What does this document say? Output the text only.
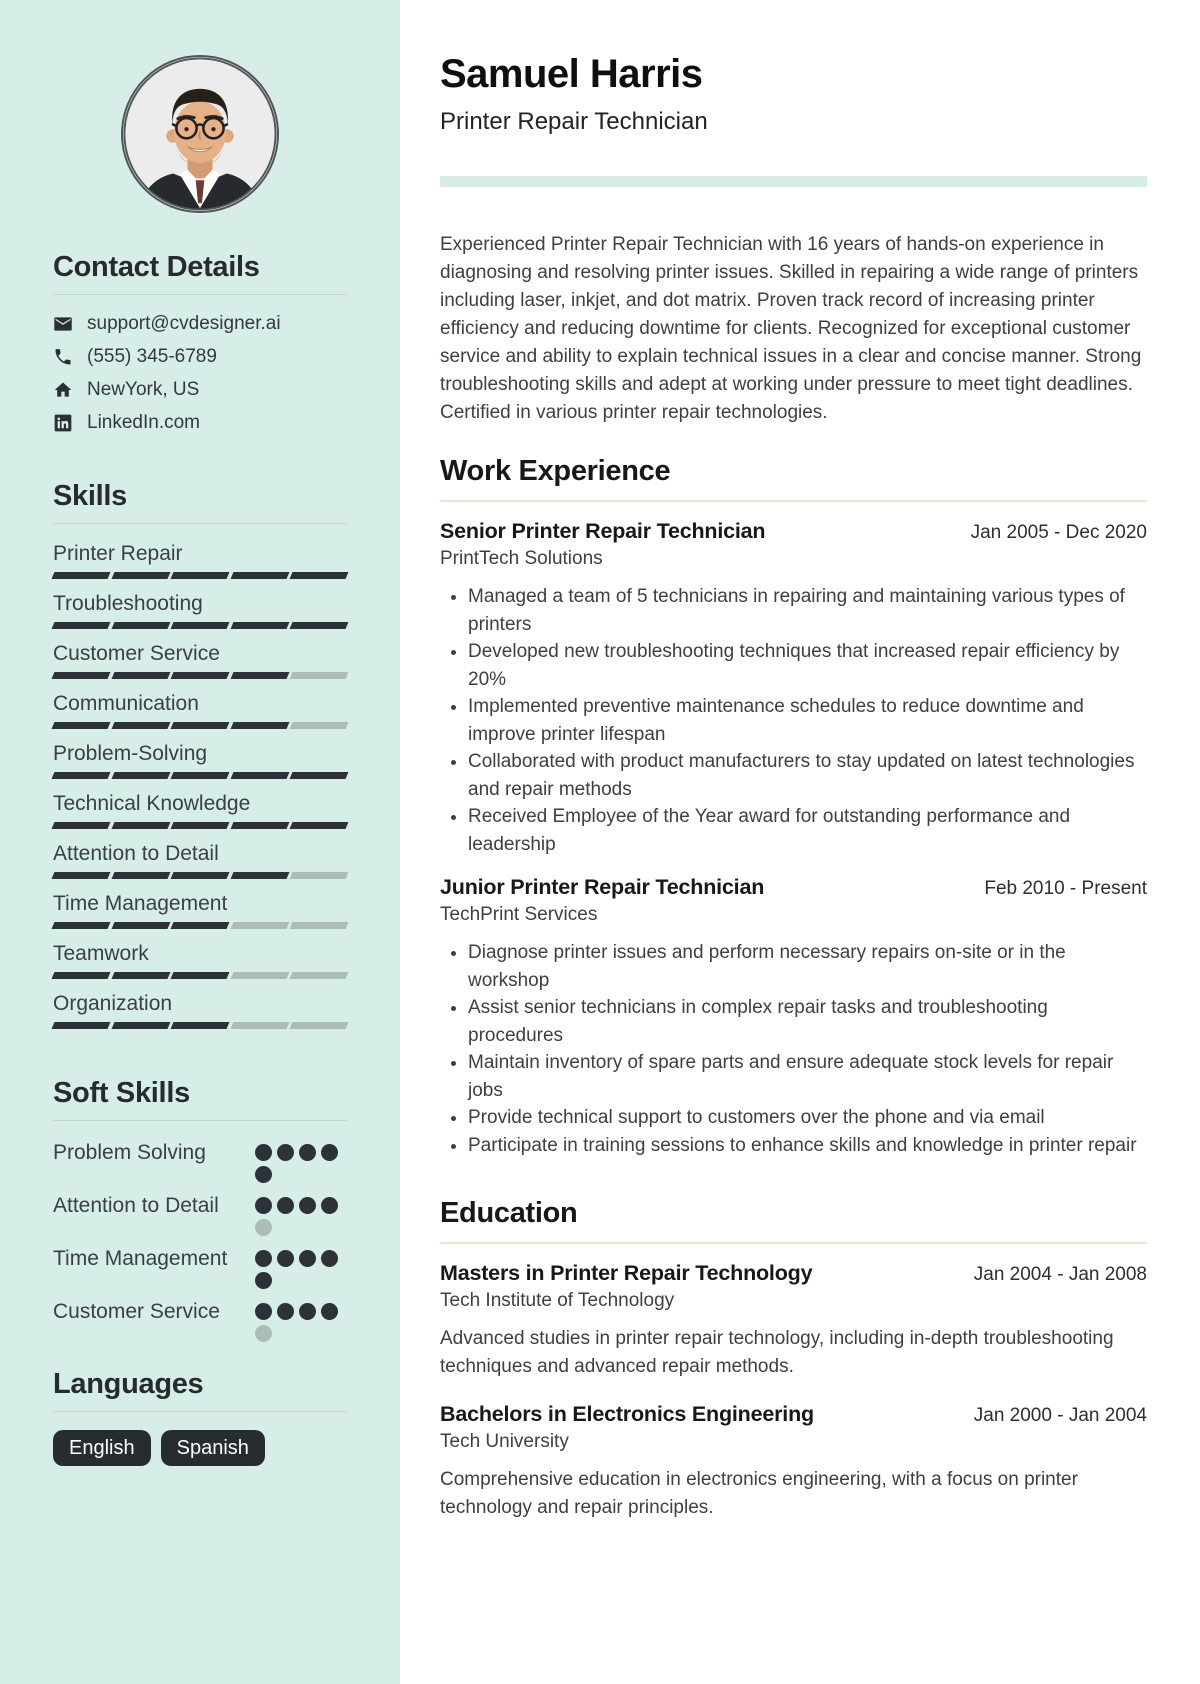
Contact Details
support@cvdesigner.ai
(555) 345-6789
NewYork, US
LinkedIn.com
Skills
Printer Repair
Troubleshooting
Customer Service
Communication
Problem-Solving
Technical Knowledge
Attention to Detail
Time Management
Teamwork
Organization
Soft Skills
Problem Solving
Attention to Detail
Time Management
Customer Service
Languages
English	Spanish
Samuel Harris
Printer Repair Technician

Experienced Printer Repair Technician with 16 years of hands-on experience in diagnosing and resolving printer issues. Skilled in repairing a wide range of printers including laser, inkjet, and dot matrix. Proven track record of increasing printer efficiency and reducing downtime for clients. Recognized for exceptional customer service and ability to explain technical issues in a clear and concise manner. Strong troubleshooting skills and adept at working under pressure to meet tight deadlines. Certified in various printer repair technologies.

Work Experience
Senior Printer Repair Technician	Jan 2005 - Dec 2020
PrintTech Solutions
• Managed a team of 5 technicians in repairing and maintaining various types of printers
• Developed new troubleshooting techniques that increased repair efficiency by 20%
• Implemented preventive maintenance schedules to reduce downtime and improve printer lifespan
• Collaborated with product manufacturers to stay updated on latest technologies and repair methods
• Received Employee of the Year award for outstanding performance and leadership
Junior Printer Repair Technician	Feb 2010 - Present
TechPrint Services
• Diagnose printer issues and perform necessary repairs on-site or in the workshop
• Assist senior technicians in complex repair tasks and troubleshooting procedures
• Maintain inventory of spare parts and ensure adequate stock levels for repair jobs
• Provide technical support to customers over the phone and via email
• Participate in training sessions to enhance skills and knowledge in printer repair
Education
Masters in Printer Repair Technology	Jan 2004 - Jan 2008
Tech Institute of Technology

Advanced studies in printer repair technology, including in-depth troubleshooting techniques and advanced repair methods.

Bachelors in Electronics Engineering	Jan 2000 - Jan 2004
Tech University

Comprehensive education in electronics engineering, with a focus on printer technology and repair principles.
